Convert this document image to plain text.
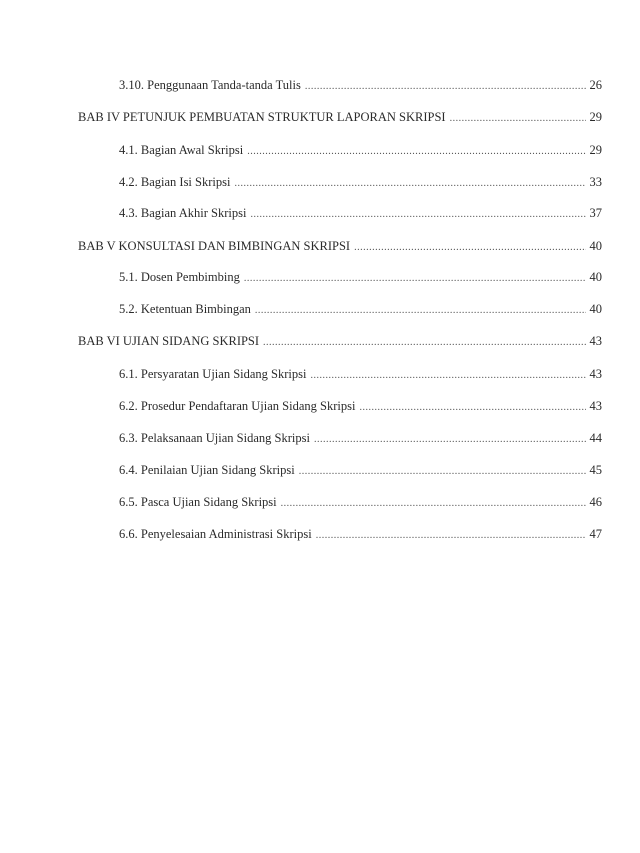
3.10. Penggunaan Tanda-tanda Tulis .....	26
BAB IV PETUNJUK PEMBUATAN STRUKTUR LAPORAN SKRIPSI .....	29
4.1. Bagian Awal Skripsi .....	29
4.2. Bagian Isi Skripsi .....	33
4.3. Bagian Akhir Skripsi .....	37
BAB V KONSULTASI DAN BIMBINGAN SKRIPSI .....	40
5.1. Dosen Pembimbing .....	40
5.2. Ketentuan Bimbingan .....	40
BAB VI UJIAN SIDANG SKRIPSI .....	43
6.1. Persyaratan Ujian Sidang Skripsi .....	43
6.2. Prosedur Pendaftaran Ujian Sidang Skripsi .....	43
6.3. Pelaksanaan Ujian Sidang Skripsi .....	44
6.4. Penilaian Ujian Sidang Skripsi .....	45
6.5. Pasca Ujian Sidang Skripsi .....	46
6.6. Penyelesaian Administrasi Skripsi .....	47
